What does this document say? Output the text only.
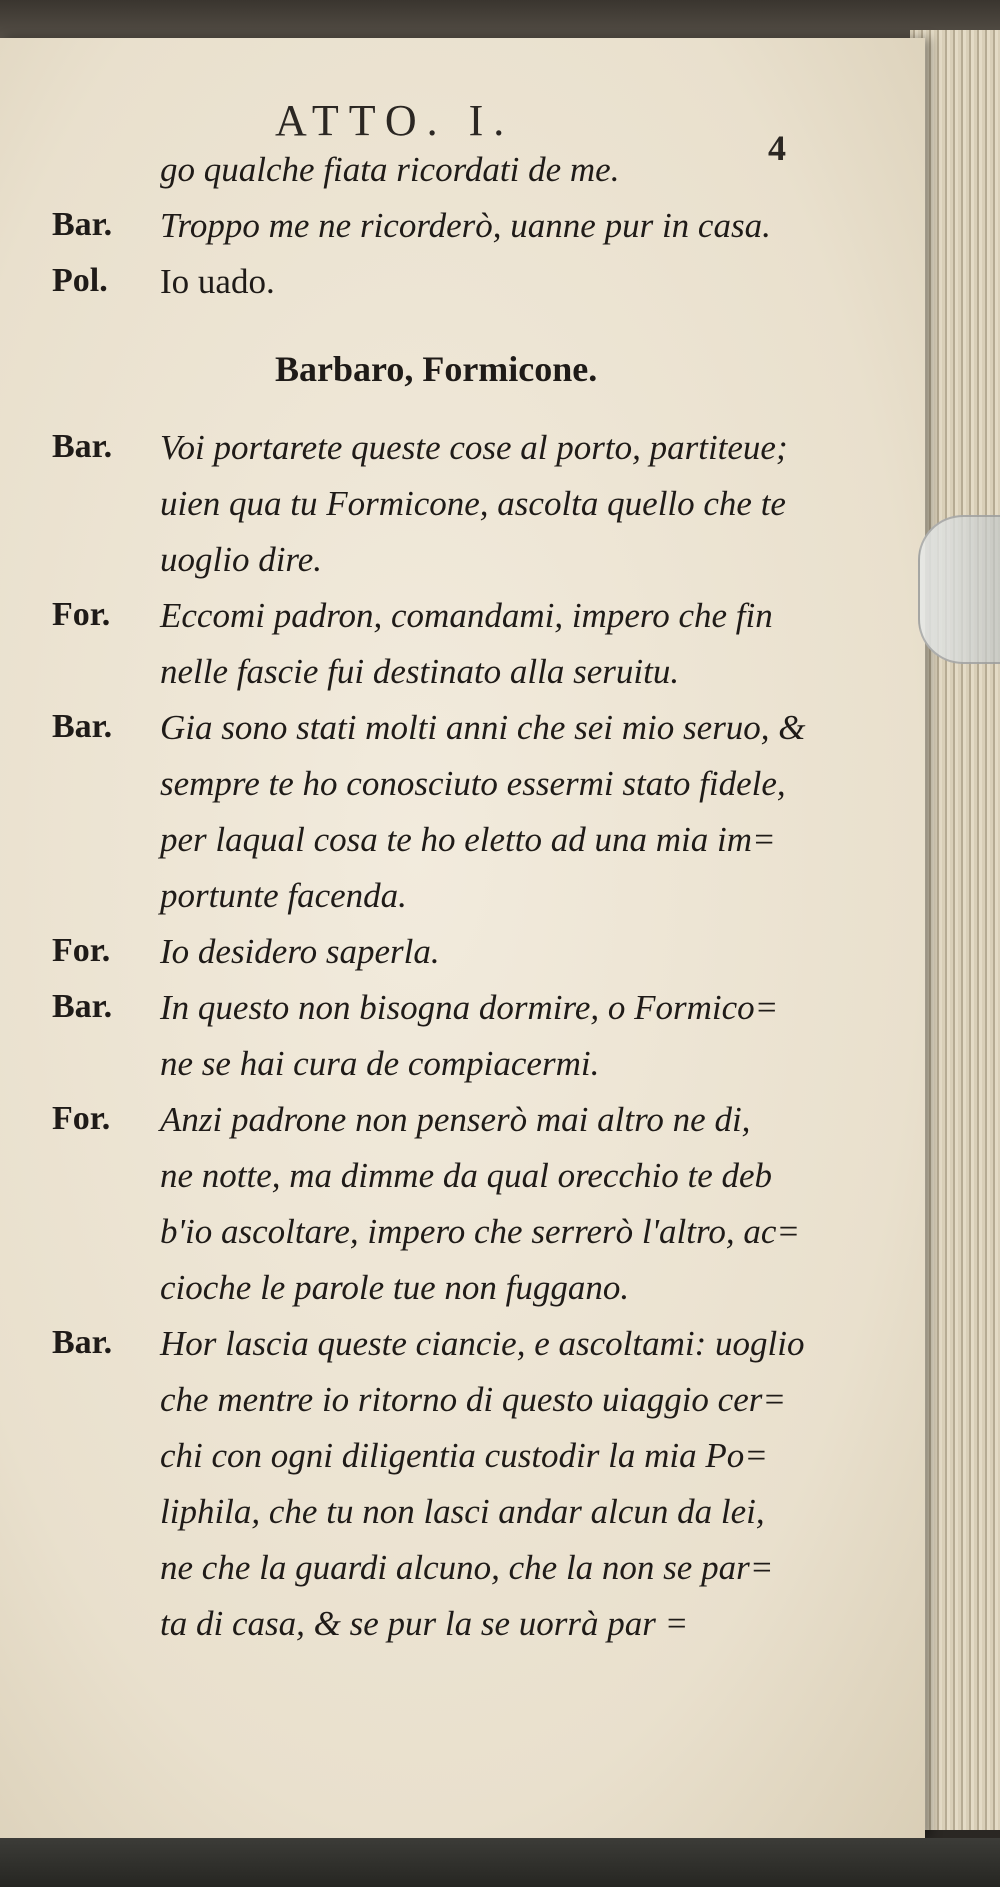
ATTO. I.
4
go qualche fiata ricordati de me.
Bar. Troppo me ne ricorderò, uanne pur in casa.
Pol. Io uado.
Barbaro, Formicone.
Bar. Voi portarete queste cose al porto, partiteue;
uien qua tu Formicone, ascolta quello che te
uoglio dire.
For. Eccomi padron, comandami, impero che fin
nelle fascie fui destinato alla seruitu.
Bar. Gia sono stati molti anni che sei mio seruo, &
sempre te ho conosciuto essermi stato fidele,
per laqual cosa te ho eletto ad una mia im=
portunte facenda.
For. Io desidero saperla.
Bar. In questo non bisogna dormire, o Formico=
ne se hai cura de compiacermi.
For. Anzi padrone non penserò mai altro ne di,
ne notte, ma dimme da qual orecchio te deb
b'io ascoltare, impero che serrerò l'altro, ac=
cioche le parole tue non fuggano.
Bar. Hor lascia queste ciancie, e ascoltami: uoglio
che mentre io ritorno di questo uiaggio cer=
chi con ogni diligentia custodir la mia Po=
liphila, che tu non lasci andar alcun da lei,
ne che la guardi alcuno, che la non se par=
ta di casa, & se pur la se uorrà par =
